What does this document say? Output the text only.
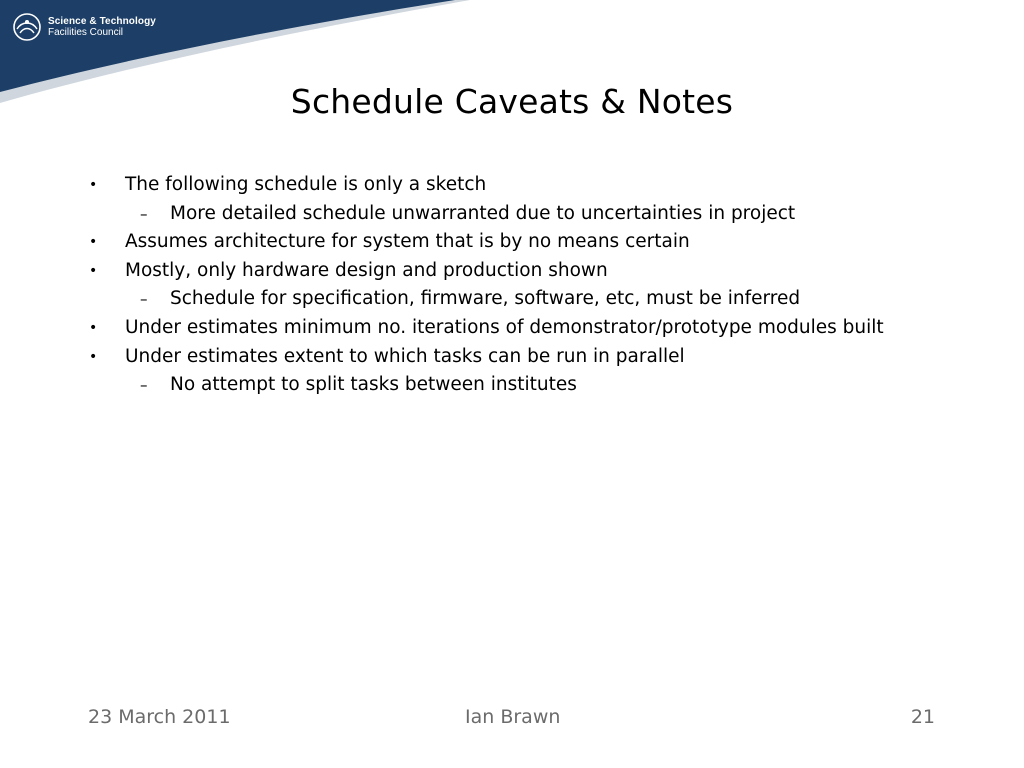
Science & Technology
Facilities Council
Schedule Caveats & Notes
• The following schedule is only a sketch
– More detailed schedule unwarranted due to uncertainties in project
• Assumes architecture for system that is by no means certain
• Mostly, only hardware design and production shown
– Schedule for specification, firmware, software, etc, must be inferred
• Under estimates minimum no. iterations of demonstrator/prototype modules built
• Under estimates extent to which tasks can be run in parallel
– No attempt to split tasks between institutes
23 March 2011	Ian Brawn	21
